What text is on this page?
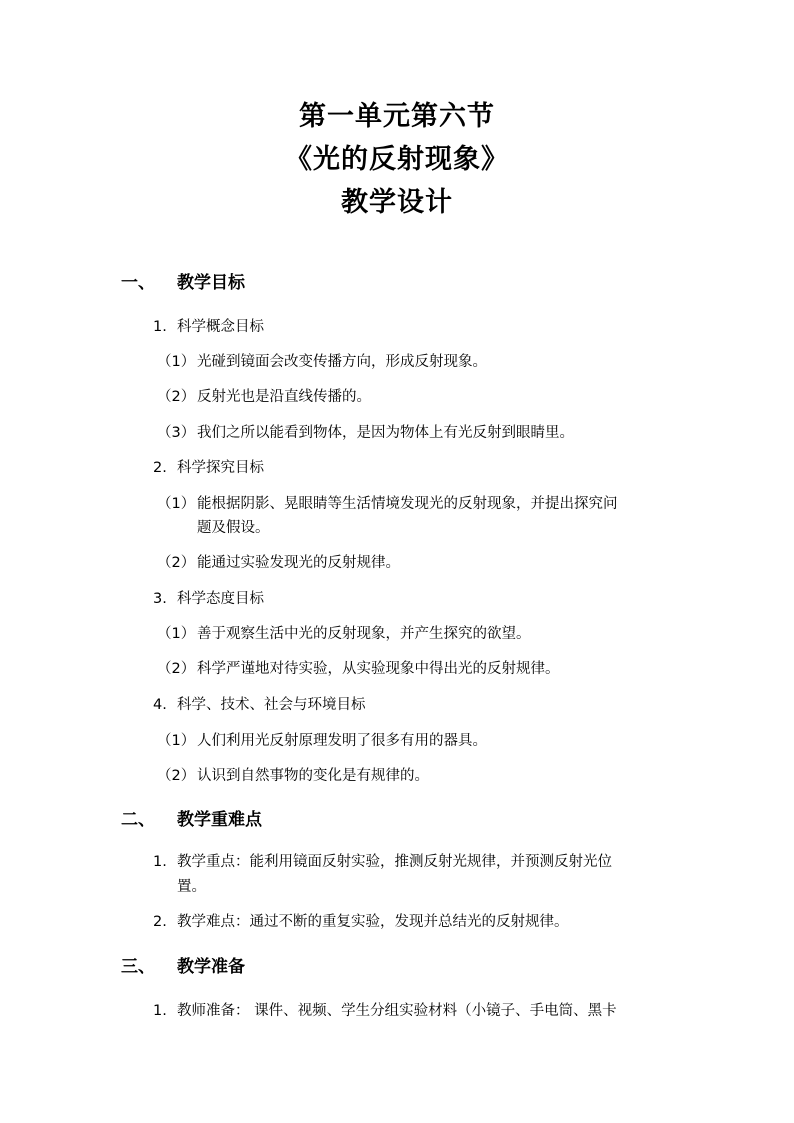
第一单元第六节
《光的反射现象》
教学设计
一、 教学目标
1. 科学概念目标
（1） 光碰到镜面会改变传播方向，形成反射现象。
（2） 反射光也是沿直线传播的。
（3） 我们之所以能看到物体，是因为物体上有光反射到眼睛里。
2. 科学探究目标
（1） 能根据阴影、晃眼睛等生活情境发现光的反射现象，并提出探究问
题及假设。
（2） 能通过实验发现光的反射规律。
3. 科学态度目标
（1） 善于观察生活中光的反射现象，并产生探究的欲望。
（2） 科学严谨地对待实验，从实验现象中得出光的反射规律。
4. 科学、技术、社会与环境目标
（1） 人们利用光反射原理发明了很多有用的器具。
（2） 认识到自然事物的变化是有规律的。
二、 教学重难点
1. 教学重点：能利用镜面反射实验，推测反射光规律，并预测反射光位
置。
2. 教学难点：通过不断的重复实验，发现并总结光的反射规律。
三、 教学准备
1. 教师准备： 课件、视频、学生分组实验材料（小镜子、手电筒、黑卡
